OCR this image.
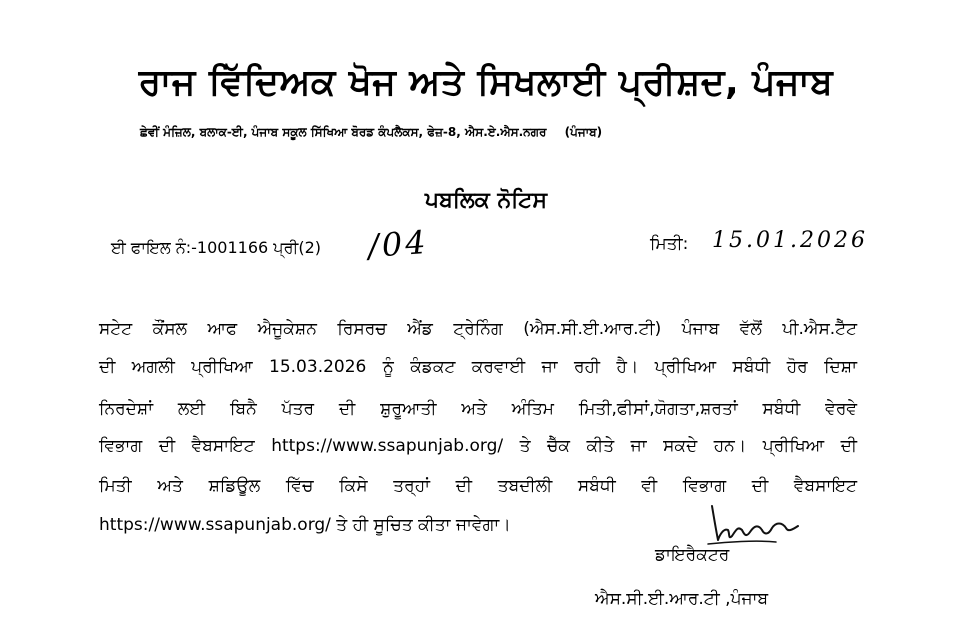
ਰਾਜ ਵਿੱਦਿਅਕ ਖੋਜ ਅਤੇ ਸਿਖਲਾਈ ਪ੍ਰੀਸ਼ਦ, ਪੰਜਾਬ
ਛੇਵੀਂ ਮੰਜ਼ਿਲ, ਬਲਾਕ-ਈ, ਪੰਜਾਬ ਸਕੂਲ ਸਿੱਖਿਆ ਬੋਰਡ ਕੰਪਲੈਕਸ, ਫੇਜ਼-8, ਐਸ.ਏ.ਐਸ.ਨਗਰ (ਪੰਜਾਬ)
ਪਬਲਿਕ ਨੋਟਿਸ
ਈ ਫਾਇਲ ਨੰ:-1001166 ਪ੍ਰੀ(2) /04	ਮਿਤੀ: 15.01.2026
ਸਟੇਟ ਕੌਂਸਲ ਆਫ ਐਜੂਕੇਸ਼ਨ ਰਿਸਰਚ ਐਂਡ ਟ੍ਰੇਨਿੰਗ (ਐਸ.ਸੀ.ਈ.ਆਰ.ਟੀ) ਪੰਜਾਬ ਵੱਲੋਂ ਪੀ.ਐਸ.ਟੈੱਟ
ਦੀ ਅਗਲੀ ਪ੍ਰੀਖਿਆ 15.03.2026 ਨੂੰ ਕੰਡਕਟ ਕਰਵਾਈ ਜਾ ਰਹੀ ਹੈ। ਪ੍ਰੀਖਿਆ ਸਬੰਧੀ ਹੋਰ ਦਿਸ਼ਾ
ਨਿਰਦੇਸ਼ਾਂ ਲਈ ਬਿਨੈ ਪੱਤਰ ਦੀ ਸ਼ੁਰੂਆਤੀ ਅਤੇ ਅੰਤਿਮ ਮਿਤੀ,ਫੀਸਾਂ,ਯੋਗਤਾ,ਸ਼ਰਤਾਂ ਸਬੰਧੀ ਵੇਰਵੇ
ਵਿਭਾਗ ਦੀ ਵੈਬਸਾਇਟ https://www.ssapunjab.org/ ਤੇ ਚੈੱਕ ਕੀਤੇ ਜਾ ਸਕਦੇ ਹਨ। ਪ੍ਰੀਖਿਆ ਦੀ
ਮਿਤੀ ਅਤੇ ਸ਼ਡਿਊਲ ਵਿੱਚ ਕਿਸੇ ਤਰ੍ਹਾਂ ਦੀ ਤਬਦੀਲੀ ਸਬੰਧੀ ਵੀ ਵਿਭਾਗ ਦੀ ਵੈਬਸਾਇਟ
https://www.ssapunjab.org/ ਤੇ ਹੀ ਸੂਚਿਤ ਕੀਤਾ ਜਾਵੇਗਾ।
ਡਾਇਰੈਕਟਰ
ਐਸ.ਸੀ.ਈ.ਆਰ.ਟੀ ,ਪੰਜਾਬ
